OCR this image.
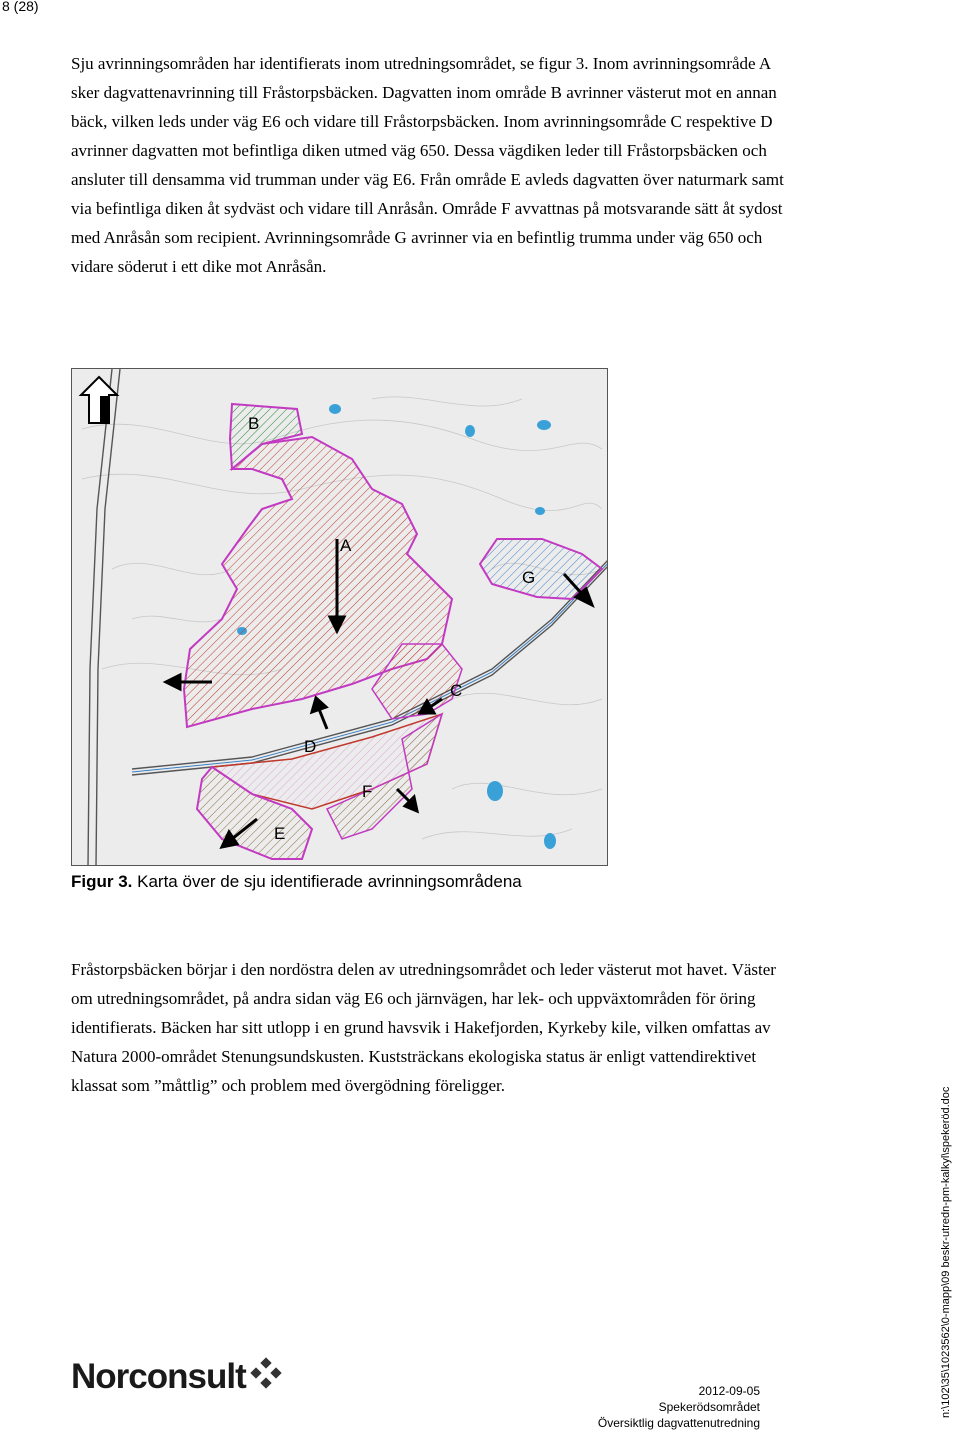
8 (28)

Sju avrinningsområden har identifierats inom utredningsområdet, se figur 3. Inom avrinningsområde A sker dagvattenavrinning till Fråstorpsbäcken. Dagvatten inom område B avrinner västerut mot en annan bäck, vilken leds under väg E6 och vidare till Fråstorpsbäcken. Inom avrinningsområde C respektive D avrinner dagvatten mot befintliga diken utmed väg 650. Dessa vägdiken leder till Fråstorpsbäcken och ansluter till densamma vid trumman under väg E6. Från område E avleds dagvatten över naturmark samt via befintliga diken åt sydväst och vidare till Anråsån. Område F avvattnas på motsvarande sätt åt sydost med Anråsån som recipient. Avrinningsområde G avrinner via en befintlig trumma under väg 650 och vidare söderut i ett dike mot Anråsån.

B
A
G
C
D
F
E
Figur 3. Karta över de sju identifierade avrinningsområdena

Fråstorpsbäcken börjar i den nordöstra delen av utredningsområdet och leder västerut mot havet. Väster om utredningsområdet, på andra sidan väg E6 och järnvägen, har lek- och uppväxtområden för öring identifierats. Bäcken har sitt utlopp i en grund havsvik i Hakefjorden, Kyrkeby kile, vilken omfattas av Natura 2000-området Stenungsundskusten. Kuststräckans ekologiska status är enligt vattendirektivet klassat som ”måttlig” och problem med övergödning föreligger.

Norconsult	2012-09-05
Spekerödsområdet
Översiktlig dagvattenutredning
n:\102\35\1023562\0-mapp\09 beskr-utredn-pm-kalkyl\spekeröd.doc
